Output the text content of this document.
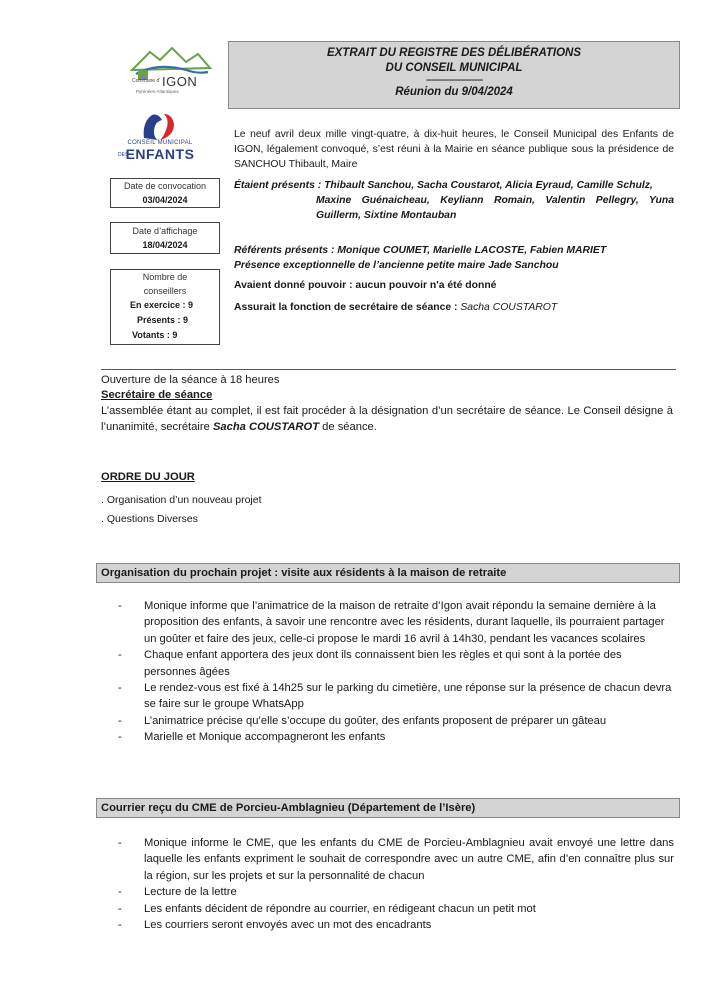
Commune d' IGON
Pyrénées-Atlantiques
CONSEIL MUNICIPAL
ENFANTS
DES
EXTRAIT DU REGISTRE DES DÉLIBÉRATIONS
DU CONSEIL MUNICIPAL
--------------------
Réunion du 9/04/2024
Date de convocation
03/04/2024
Date d’affichage
18/04/2024
Nombre de
conseillers
En exercice : 9
Présents : 9
Votants : 9
Le neuf avril deux mille vingt-quatre, à dix-huit heures, le Conseil Municipal des Enfants de IGON, légalement convoqué, s’est réuni à la Mairie en séance publique sous la présidence de SANCHOU Thibault, Maire
Étaient présents : Thibault Sanchou, Sacha Coustarot, Alicia Eyraud, Camille Schulz,
Maxine Guénaicheau, Keyliann Romain, Valentin Pellegry, Yuna Guillerm, Sixtine Montauban
Référents présents : Monique COUMET, Marielle LACOSTE, Fabien MARIET
Présence exceptionnelle de l’ancienne petite maire Jade Sanchou
Avaient donné pouvoir : aucun pouvoir n'a été donné
Assurait la fonction de secrétaire de séance : Sacha COUSTAROT
Ouverture de la séance à 18 heures
Secrétaire de séance
L’assemblée étant au complet, il est fait procéder à la désignation d’un secrétaire de séance. Le Conseil désigne à l’unanimité, secrétaire Sacha COUSTAROT de séance.
ORDRE DU JOUR
. Organisation d’un nouveau projet
. Questions Diverses
Organisation du prochain projet : visite aux résidents à la maison de retraite
- Monique informe que l’animatrice de la maison de retraite d’Igon avait répondu la semaine dernière à la proposition des enfants, à savoir une rencontre avec les résidents, durant laquelle, ils pourraient partager un goûter et faire des jeux, celle-ci propose le mardi 16 avril à 14h30, pendant les vacances scolaires
- Chaque enfant apportera des jeux dont ils connaissent bien les règles et qui sont à la portée des personnes âgées
- Le rendez-vous est fixé à 14h25 sur le parking du cimetière, une réponse sur la présence de chacun devra se faire sur le groupe WhatsApp
- L’animatrice précise qu’elle s’occupe du goûter, des enfants proposent de préparer un gâteau
- Marielle et Monique accompagneront les enfants
Courrier reçu du CME de Porcieu-Amblagnieu (Département de l’Isère)
- Monique informe le CME, que les enfants du CME de Porcieu-Amblagnieu avait envoyé une lettre dans laquelle les enfants expriment le souhait de correspondre avec un autre CME, afin d’en connaître plus sur la région, sur les projets et sur la personnalité de chacun
- Lecture de la lettre
- Les enfants décident de répondre au courrier, en rédigeant chacun un petit mot
- Les courriers seront envoyés avec un mot des encadrants
